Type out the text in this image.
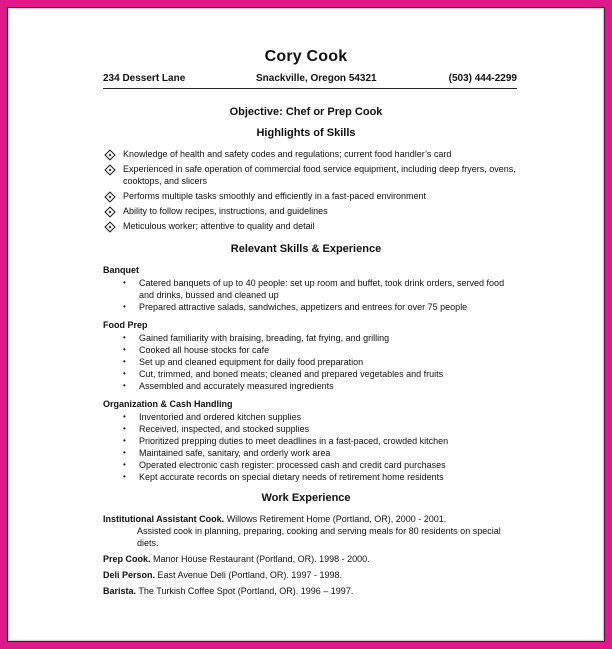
Cory Cook
234 Dessert Lane	Snackville, Oregon 54321	(503) 444-2299
Objective: Chef or Prep Cook
Highlights of Skills
Knowledge of health and safety codes and regulations; current food handler’s card
Experienced in safe operation of commercial food service equipment, including deep fryers, ovens, cooktops, and slicers
Performs multiple tasks smoothly and efficiently in a fast-paced environment
Ability to follow recipes, instructions, and guidelines
Meticulous worker; attentive to quality and detail
Relevant Skills & Experience
Banquet
• Catered banquets of up to 40 people: set up room and buffet, took drink orders, served food and drinks, bussed and cleaned up
• Prepared attractive salads, sandwiches, appetizers and entrees for over 75 people
Food Prep
• Gained familiarity with braising, breading, fat frying, and grilling
• Cooked all house stocks for cafe
• Set up and cleaned equipment for daily food preparation
• Cut, trimmed, and boned meats; cleaned and prepared vegetables and fruits
• Assembled and accurately measured ingredients
Organization & Cash Handling
• Inventoried and ordered kitchen supplies
• Received, inspected, and stocked supplies
• Prioritized prepping duties to meet deadlines in a fast-paced, crowded kitchen
• Maintained safe, sanitary, and orderly work area
• Operated electronic cash register: processed cash and credit card purchases
• Kept accurate records on special dietary needs of retirement home residents
Work Experience
Institutional Assistant Cook. Willows Retirement Home (Portland, OR), 2000 - 2001.
Assisted cook in planning, preparing, cooking and serving meals for 80 residents on special diets.
Prep Cook. Manor House Restaurant (Portland, OR). 1998 - 2000.
Deli Person. East Avenue Deli (Portland, OR). 1997 - 1998.
Barista. The Turkish Coffee Spot (Portland, OR). 1996 – 1997.
